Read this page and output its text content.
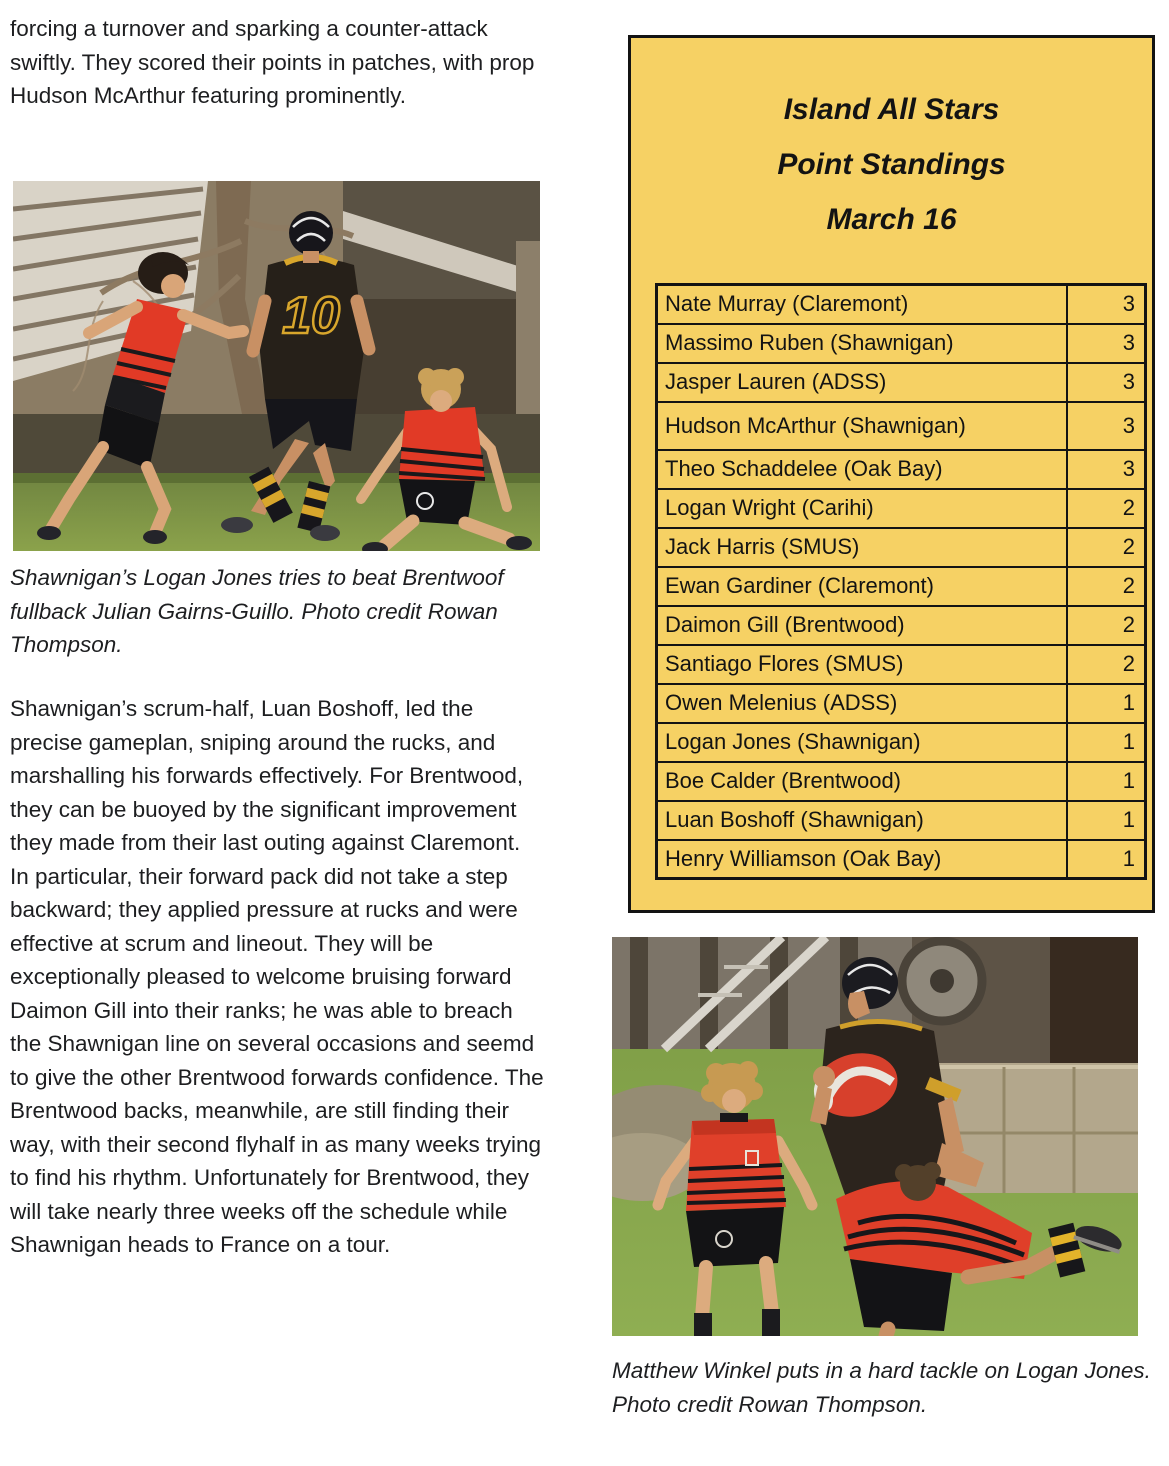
forcing a turnover and sparking a counter-attack swiftly. They scored their points in patches, with prop Hudson McArthur featuring prominently.

10

Shawnigan’s Logan Jones tries to beat Brentwoof fullback Julian Gairns-Guillo. Photo credit Rowan Thompson.

Shawnigan’s scrum-half, Luan Boshoff, led the precise gameplan, sniping around the rucks, and marshalling his forwards effectively. For Brentwood, they can be buoyed by the significant improvement they made from their last outing against Claremont. In particular, their forward pack did not take a step backward; they applied pressure at rucks and were effective at scrum and lineout. They will be exceptionally pleased to welcome bruising forward Daimon Gill into their ranks; he was able to breach the Shawnigan line on several occasions and seemd to give the other Brentwood forwards confidence. The Brentwood backs, meanwhile, are still finding their way, with their second flyhalf in as many weeks trying to find his rhythm. Unfortunately for Brentwood, they will take nearly three weeks off the schedule while Shawnigan heads to France on a tour.

Island All Stars
Point Standings
March 16
Nate Murray (Claremont)	3
Massimo Ruben (Shawnigan)	3
Jasper Lauren (ADSS)	3
Hudson McArthur (Shawnigan)	3
Theo Schaddelee (Oak Bay)	3
Logan Wright (Carihi)	2
Jack Harris (SMUS)	2
Ewan Gardiner (Claremont)	2
Daimon Gill (Brentwood)	2
Santiago Flores (SMUS)	2
Owen Melenius (ADSS)	1
Logan Jones (Shawnigan)	1
Boe Calder (Brentwood)	1
Luan Boshoff (Shawnigan)	1
Henry Williamson (Oak Bay)	1

Matthew Winkel puts in a hard tackle on Logan Jones. Photo credit Rowan Thompson.
